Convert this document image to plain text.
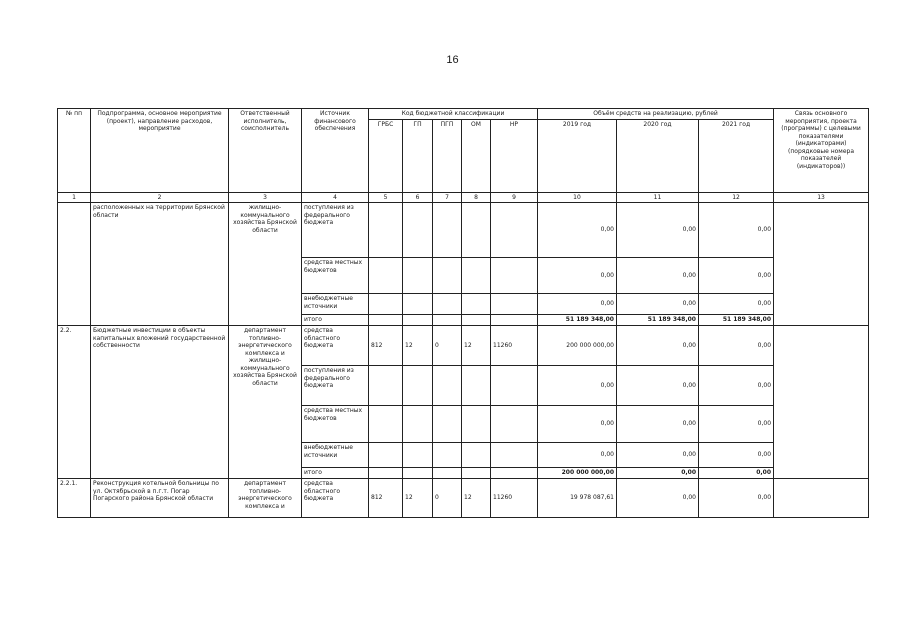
16
№ пп	Подпрограмма, основное мероприятие (проект), направление расходов, мероприятие	Ответственный исполнитель, соисполнитель	Источник финансового обеспечения	Код бюджетной классификации					Объём средств на реализацию, рублей			Связь основного мероприятия, проекта (программы) с целевыми показателями (индикаторами) (порядковые номера показателей (индикаторов))
				ГРБС	ГП	ПГП	ОМ	НР	2019 год	2020 год	2021 год	
1	2	3	4	5	6	7	8	9	10	11	12	13
	расположенных на территории Брянской области	жилищно-коммунального хозяйства Брянской области	поступления из федерального бюджета						0,00	0,00	0,00	
			средства местных бюджетов						0,00	0,00	0,00	
			внебюджетные источники						0,00	0,00	0,00	
			итого						51 189 348,00	51 189 348,00	51 189 348,00	
2.2.	Бюджетные инвестиции в объекты капитальных вложений государственной собственности	департамент топливно-энергетического комплекса и жилищно-коммунального хозяйства Брянской области	средства областного бюджета	812	12	0	12	11260	200 000 000,00	0,00	0,00	
			поступления из федерального бюджета						0,00	0,00	0,00	
			средства местных бюджетов						0,00	0,00	0,00	
			внебюджетные источники						0,00	0,00	0,00	
			итого						200 000 000,00	0,00	0,00	
2.2.1.	Реконструкция котельной больницы по ул. Октябрьской в п.г.т. Погар Погарского района Брянской области	департамент топливно-энергетического комплекса и	средства областного бюджета	812	12	0	12	11260	19 978 087,61	0,00	0,00	
